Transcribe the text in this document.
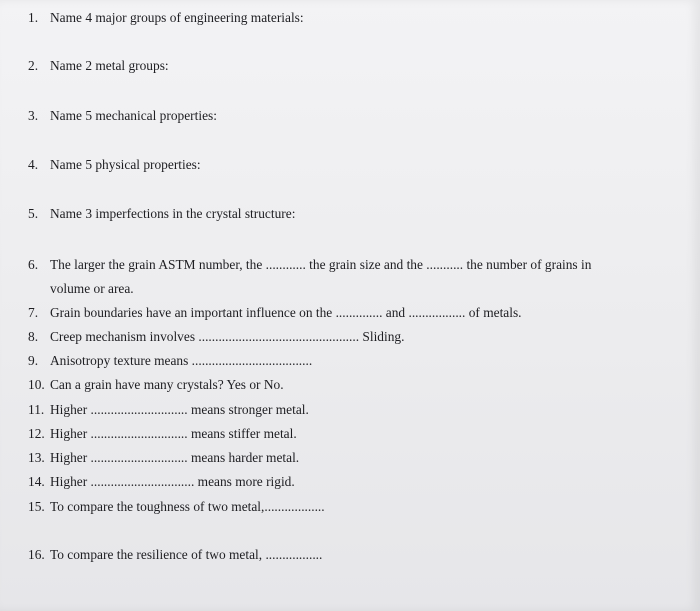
1. Name 4 major groups of engineering materials:
2. Name 2 metal groups:
3. Name 5 mechanical properties:
4. Name 5 physical properties:
5. Name 3 imperfections in the crystal structure:
6. The larger the grain ASTM number, the ............ the grain size and the ........... the number of grains in
volume or area.
7. Grain boundaries have an important influence on the .............. and ................. of metals.
8. Creep mechanism involves ................................................ Sliding.
9. Anisotropy texture means ....................................
10. Can a grain have many crystals? Yes or No.
11. Higher ............................. means stronger metal.
12. Higher ............................. means stiffer metal.
13. Higher ............................. means harder metal.
14. Higher ............................... means more rigid.
15. To compare the toughness of two metal,..................
16. To compare the resilience of two metal, .................
